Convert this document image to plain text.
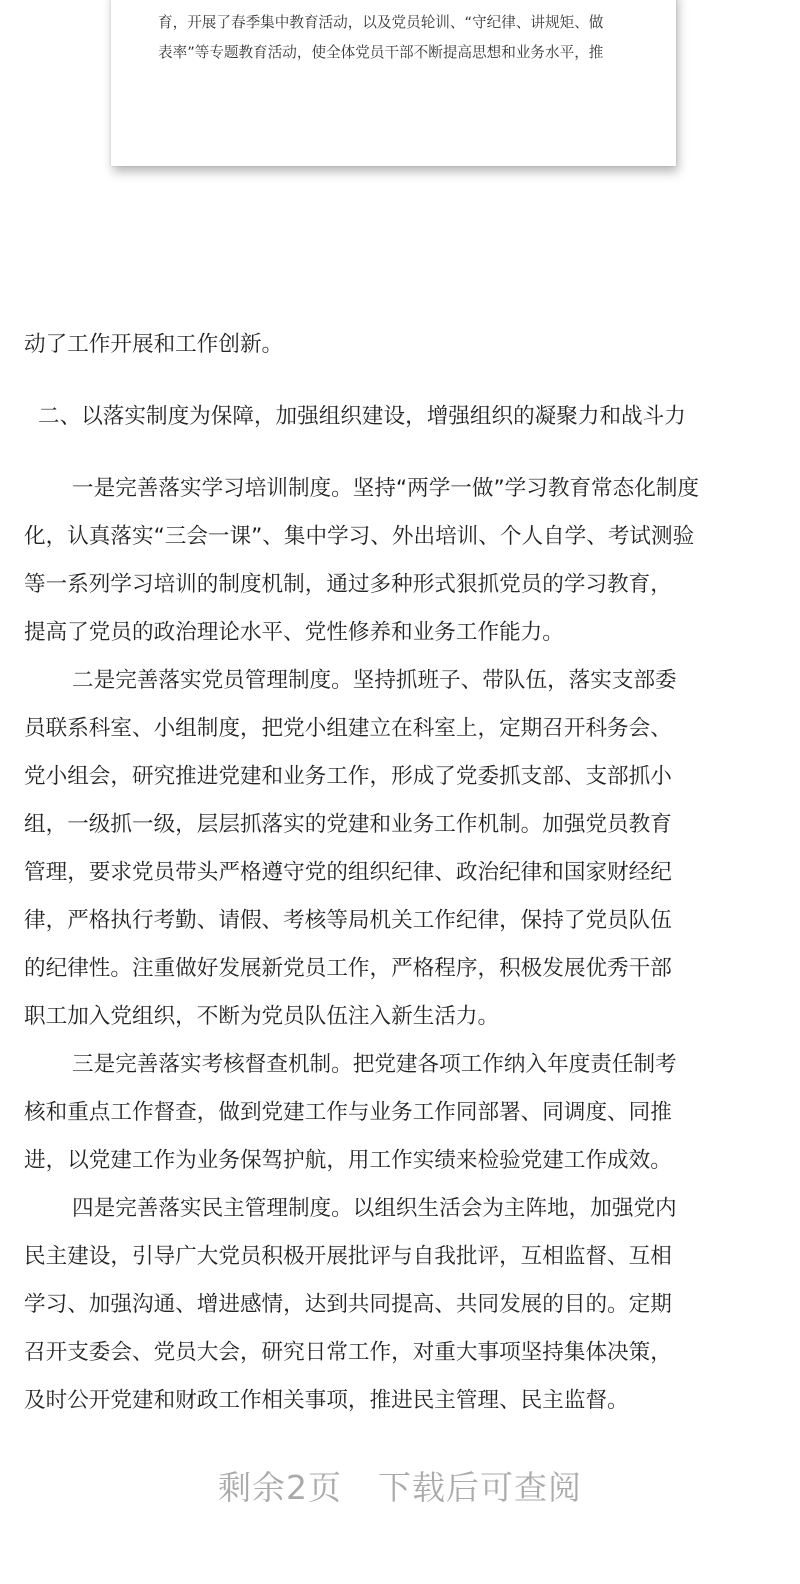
育，开展了春季集中教育活动，以及党员轮训、“守纪律、讲规矩、做
表率”等专题教育活动，使全体党员干部不断提高思想和业务水平，推
动了工作开展和工作创新。
二、以落实制度为保障，加强组织建设，增强组织的凝聚力和战斗力
一是完善落实学习培训制度。坚持“两学一做”学习教育常态化制度
化，认真落实“三会一课”、集中学习、外出培训、个人自学、考试测验
等一系列学习培训的制度机制，通过多种形式狠抓党员的学习教育，
提高了党员的政治理论水平、党性修养和业务工作能力。
二是完善落实党员管理制度。坚持抓班子、带队伍，落实支部委
员联系科室、小组制度，把党小组建立在科室上，定期召开科务会、
党小组会，研究推进党建和业务工作，形成了党委抓支部、支部抓小
组，一级抓一级，层层抓落实的党建和业务工作机制。加强党员教育
管理，要求党员带头严格遵守党的组织纪律、政治纪律和国家财经纪
律，严格执行考勤、请假、考核等局机关工作纪律，保持了党员队伍
的纪律性。注重做好发展新党员工作，严格程序，积极发展优秀干部
职工加入党组织，不断为党员队伍注入新生活力。
三是完善落实考核督查机制。把党建各项工作纳入年度责任制考
核和重点工作督查，做到党建工作与业务工作同部署、同调度、同推
进，以党建工作为业务保驾护航，用工作实绩来检验党建工作成效。
四是完善落实民主管理制度。以组织生活会为主阵地，加强党内
民主建设，引导广大党员积极开展批评与自我批评，互相监督、互相
学习、加强沟通、增进感情，达到共同提高、共同发展的目的。定期
召开支委会、党员大会，研究日常工作，对重大事项坚持集体决策，
及时公开党建和财政工作相关事项，推进民主管理、民主监督。
剩余2页 下载后可查阅
